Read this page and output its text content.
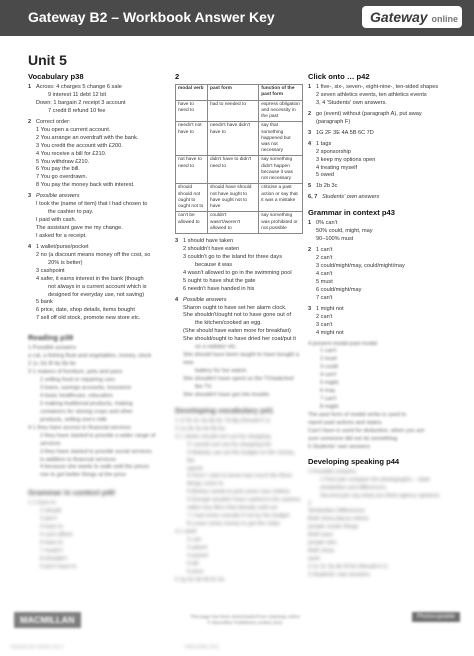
Gateway B2 – Workbook Answer Key	Gateway online
Unit 5
Vocabulary p38
1 Across: 4 charges 5 change 6 sale
9 interest 11 debt 12 bit
Down: 1 bargain 2 receipt 3 account
7 credit 8 refund 10 fee
2 Correct order:
1 You open a current account.
2 You arrange an overdraft with the bank.
3 You credit the account with £200.
4 You receive a bill for £210.
5 You withdraw £210.
6 You pay the bill.
7 You go overdrawn.
8 You pay the money back with interest.
3 Possible answers
I took the (name of item) that I had chosen to
the cashier to pay.
I paid with cash.
The assistant gave me my change.
I asked for a receipt.
4 1 wallet/purse/pocket
2 no (a discount means money off the cost, so
20% is better)
3 cashpoint
4 safer, it earns interest in the bank (though
not always in a current account which is
designed for everyday use, not saving)
5 bank
6 price, date, shop details, items bought
7 sell off old stock, promote new store etc.
Reading p39
1 Possible answers
a cat, a fishing float and vegetables, money, stock
2 1c 2d 3f 4a 5b 6e
3 1 makers of furniture, pots and pans
2 selling food or repairing cars
3 loans, savings accounts, insurance
4 basic healthcare, education
5 making traditional products, making
containers for storing crops and other
products, selling one's milk
4 1 they have access to financial services
2 they have started to provide a wider range of
services
3 they have started to provide social services
in addition to financial services
4 because she wants to walk until the prices
rise to get better things at the price
Grammar in context p40
1 1 have to
2 should
3 don't
4 have to
5 can't afford
6 have to
7 mustn't
8 shouldn't
9 don't have to
2
modal verb	past form	function of the past form
have to need to	had to needed to	express obligation and necessity in the past
needn't not have to	needn't have didn't have to	say that something happened but was not necessary
not have to need to	didn't have to didn't need to	say something didn't happen because it was not necessary
should should not ought to ought not to	should have should not have ought to have ought not to have	criticise a past action or say that it was a mistake
can't be allowed to	couldn't wasn't/weren't allowed to	say something was prohibited or not possible
3 1 should have taken
2 shouldn't have eaten
3 couldn't go to the island for three days
because it was
4 wasn't allowed to go in the swimming pool
5 ought to have shut the gate
6 needn't have handed in his
4 Possible answers
Sharon ought to have set her alarm clock.
She shouldn't/ought not to have gone out of
the kitchen/cooked an egg.
(She should have eaten more for breakfast)
She should/ought to have dried her coat/put it
on a radiator etc.
She should have been taught to have bought a new
battery for her watch.
She shouldn't have spent so the TV/watched
the TV.
She shouldn't have got into trouble.
Developing vocabulary p41
1 1f 2h 3c 4a 5b 6e 7d 8g (Should it 1)
2 1a 2b 3a 4a 5b 6a
3 1 Jamie should sort out his shopping
2 I would sort out his shopping list
3 Nobody can set the budget on the money, the
spend
4 Once I start to know how much the three
things come to
5 Britney needs to pick some new clothes
6 George wouldn't have rushed in the camera
rather buy films that already sold out
7 I had some overalls if not by the budget
8 Leave some money to get the chips
4 1 shelf
2 cart
3 advert
4 packet
5 bill
6 price
5 1g 2a 3d 4b 5c 6e
Click onto … p42
1 1 five-, six-, seven-, eight-nine-, ten-sided shapes
2 seven athletics events, ten athletics events
3, 4 'Students' own answers.
2 go (event) without (paragraph A), put away
(paragraph F)
3 1G 2F 3E 4A 5B 6C 7D
4 1 tags
2 sponsorship
3 keep my options open
4 treating myself
5 owed
5 1b 2b 3c
6, 7 Students' own answers
Grammar in context p43
1 0% can't
50% could, might, may
90–100% must
2 1 can't
2 can't
3 could/might/may, could/might/may
4 can't
5 must
6 could/might/may
7 can't
3 1 might not
2 can't
3 can't
4 might not
4 present modal past modal
1 can't
2 must
3 could
4 can't
5 might
6 may
7 can't
8 might
The past form of modal verbs is used to
report past actions and states.
Can't have is used for deduction, when you are
sure someone did not do something.
5 Students' own answers
Developing speaking p44
1 Possible answers
1 First pair compare the photographs – state
similarities and differences.
Second pair say what you think agency opinions
2
Similarities Differences
Both show places where
people create things
Both have
people who
Both show
work
3 1e 2c 3a 4b 5f 6d (Should it 1)
4 Students' own answers
MACMILLAN	This page has been downloaded from Gateway online
© Macmillan Publishers Limited 2011
Photocopiable
Gateway B2 Answer Key 5	©Macmillan 2011
